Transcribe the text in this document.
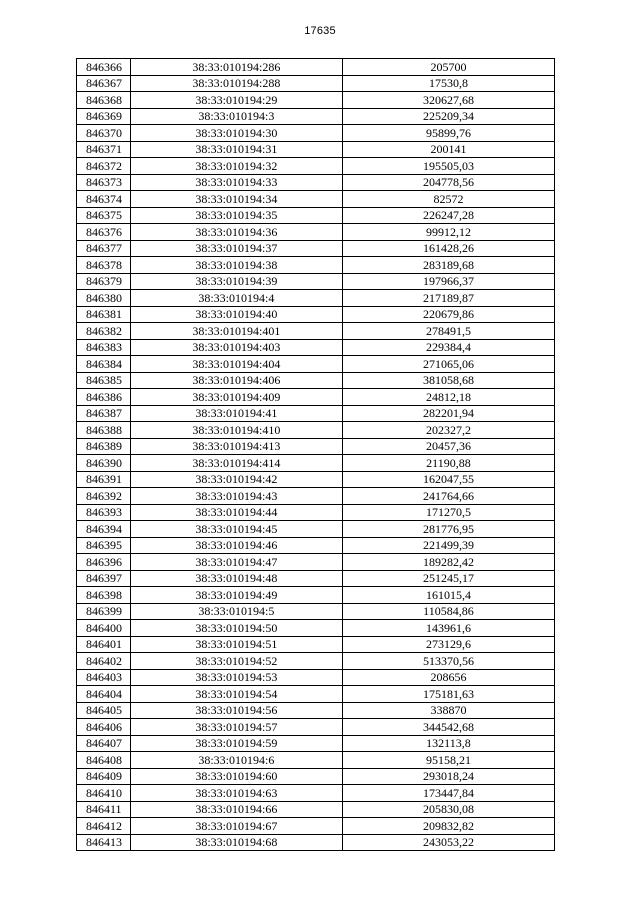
17635
846366	38:33:010194:286	205700
846367	38:33:010194:288	17530,8
846368	38:33:010194:29	320627,68
846369	38:33:010194:3	225209,34
846370	38:33:010194:30	95899,76
846371	38:33:010194:31	200141
846372	38:33:010194:32	195505,03
846373	38:33:010194:33	204778,56
846374	38:33:010194:34	82572
846375	38:33:010194:35	226247,28
846376	38:33:010194:36	99912,12
846377	38:33:010194:37	161428,26
846378	38:33:010194:38	283189,68
846379	38:33:010194:39	197966,37
846380	38:33:010194:4	217189,87
846381	38:33:010194:40	220679,86
846382	38:33:010194:401	278491,5
846383	38:33:010194:403	229384,4
846384	38:33:010194:404	271065,06
846385	38:33:010194:406	381058,68
846386	38:33:010194:409	24812,18
846387	38:33:010194:41	282201,94
846388	38:33:010194:410	202327,2
846389	38:33:010194:413	20457,36
846390	38:33:010194:414	21190,88
846391	38:33:010194:42	162047,55
846392	38:33:010194:43	241764,66
846393	38:33:010194:44	171270,5
846394	38:33:010194:45	281776,95
846395	38:33:010194:46	221499,39
846396	38:33:010194:47	189282,42
846397	38:33:010194:48	251245,17
846398	38:33:010194:49	161015,4
846399	38:33:010194:5	110584,86
846400	38:33:010194:50	143961,6
846401	38:33:010194:51	273129,6
846402	38:33:010194:52	513370,56
846403	38:33:010194:53	208656
846404	38:33:010194:54	175181,63
846405	38:33:010194:56	338870
846406	38:33:010194:57	344542,68
846407	38:33:010194:59	132113,8
846408	38:33:010194:6	95158,21
846409	38:33:010194:60	293018,24
846410	38:33:010194:63	173447,84
846411	38:33:010194:66	205830,08
846412	38:33:010194:67	209832,82
846413	38:33:010194:68	243053,22
